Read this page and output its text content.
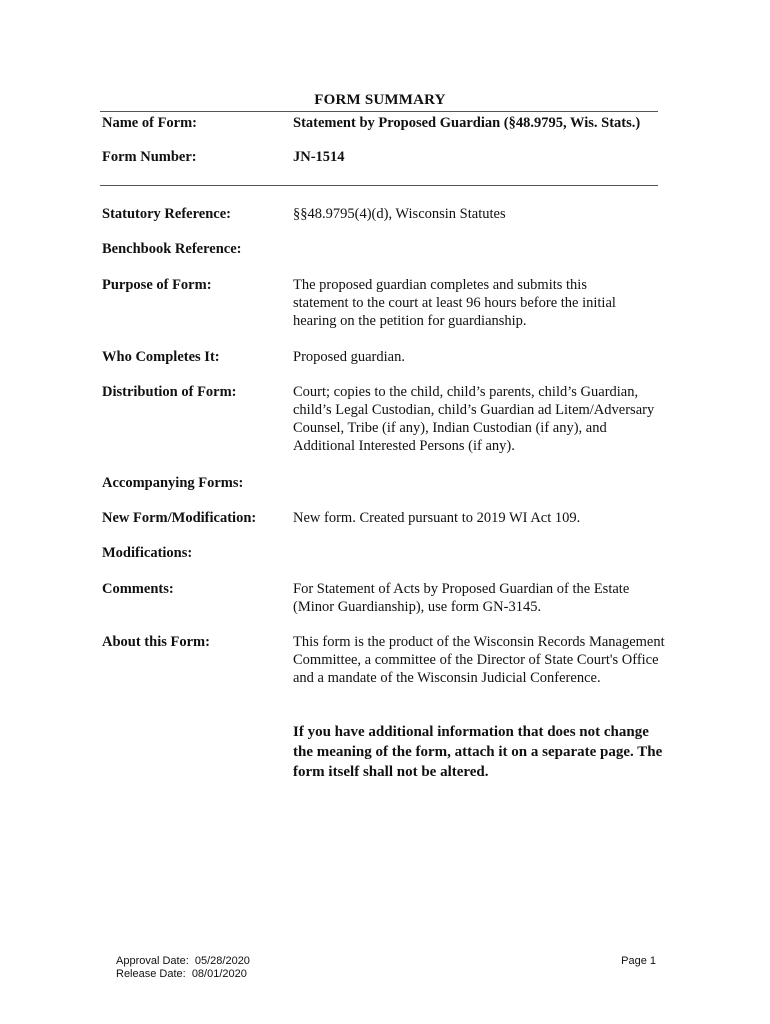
FORM SUMMARY
Name of Form:	Statement by Proposed Guardian (§48.9795, Wis. Stats.)
Form Number:	JN-1514
Statutory Reference:	§§48.9795(4)(d), Wisconsin Statutes
Benchbook Reference:
Purpose of Form:	The proposed guardian completes and submits this statement to the court at least 96 hours before the initial hearing on the petition for guardianship.
Who Completes It:	Proposed guardian.
Distribution of Form:	Court; copies to the child, child’s parents, child’s Guardian, child’s Legal Custodian, child’s Guardian ad Litem/Adversary Counsel, Tribe (if any), Indian Custodian (if any), and Additional Interested Persons (if any).
Accompanying Forms:
New Form/Modification:	New form. Created pursuant to 2019 WI Act 109.
Modifications:
Comments:	For Statement of Acts by Proposed Guardian of the Estate (Minor Guardianship), use form GN-3145.
About this Form:	This form is the product of the Wisconsin Records Management Committee, a committee of the Director of State Court's Office and a mandate of the Wisconsin Judicial Conference.
If you have additional information that does not change the meaning of the form, attach it on a separate page. The form itself shall not be altered.
Approval Date:  05/28/2020
Release Date:  08/01/2020
Page 1
